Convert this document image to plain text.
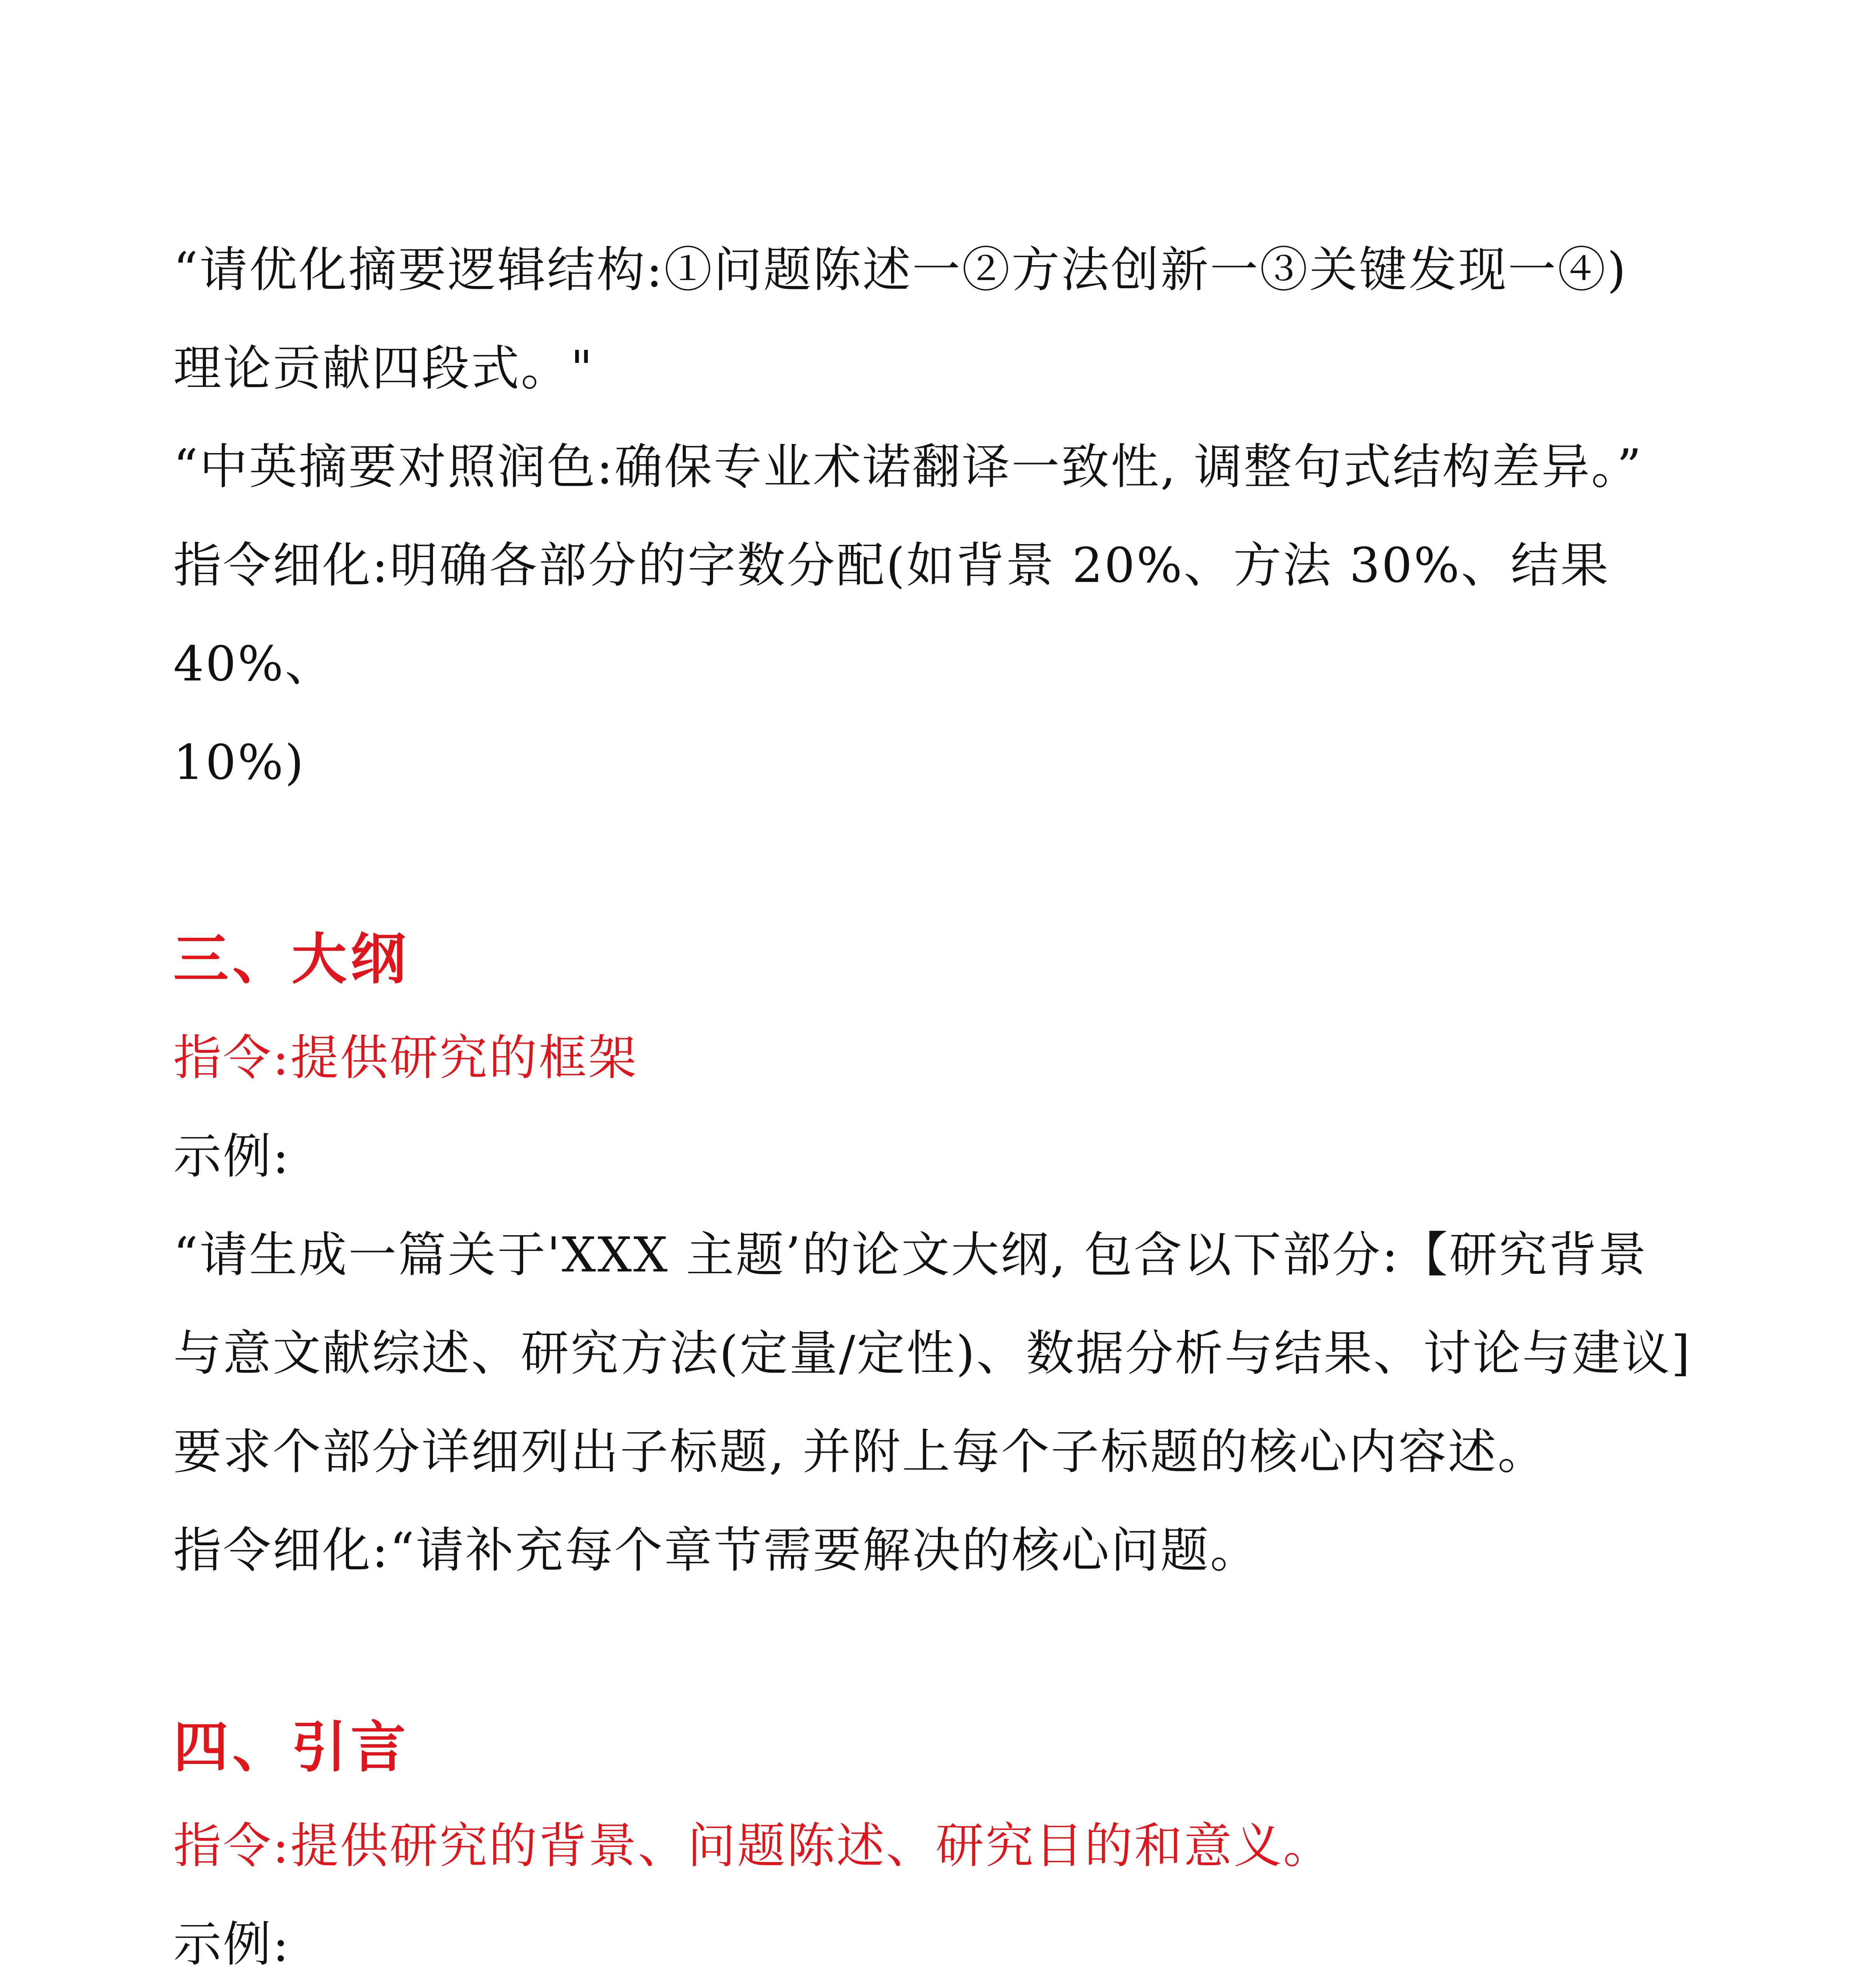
“请优化摘要逻辑结构:①问题陈述一②方法创新一③关键发现一④)
理论贡献四段式。"
“中英摘要对照润色:确保专业术诺翻译一致性, 调整句式结构差异。”
指令细化:明确各部分的字数分配(如背景 20%、方法 30%、结果 40%、
10%)
三、大纲
指令:提供研究的框架
示例:
“请生成一篇关于'XXX 主题’的论文大纲, 包含以下部分:【研究背景
与意文献综述、研究方法(定量/定性)、数据分析与结果、讨论与建议]
要求个部分详细列出子标题, 并附上每个子标题的核心内容述。
指令细化:“请补充每个章节需要解决的核心问题。
四、引言
指令:提供研究的背景、问题陈述、研究目的和意义。
示例:
